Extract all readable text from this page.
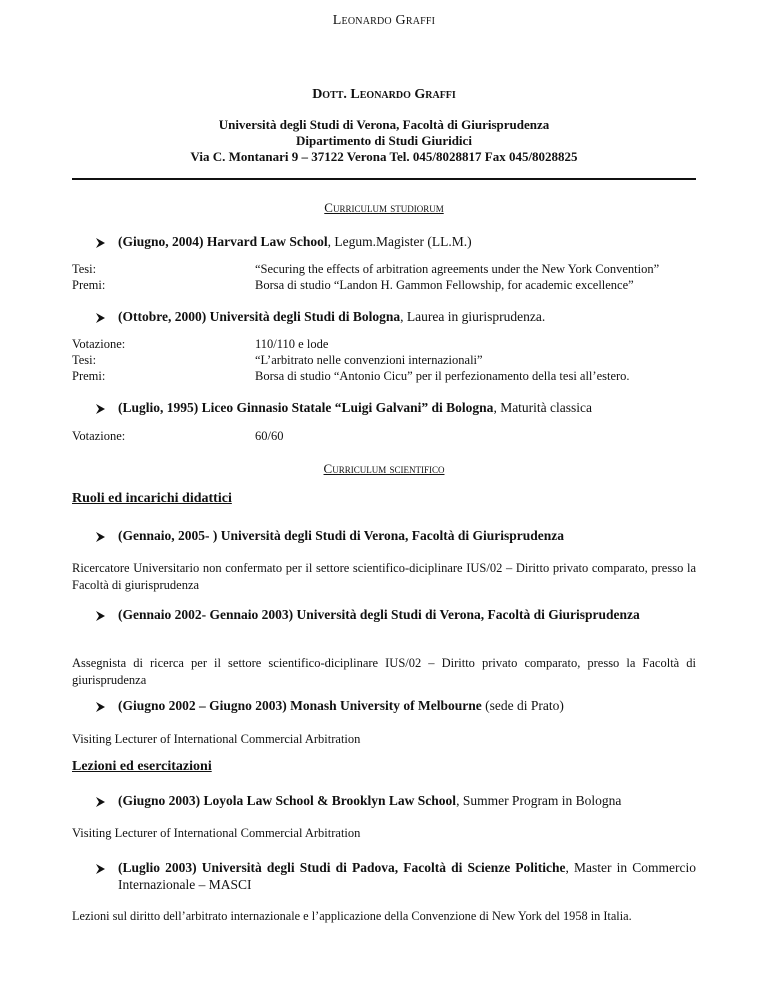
Leonardo Graffi
Dott. Leonardo Graffi
Università degli Studi di Verona, Facoltà di Giurisprudenza
Dipartimento di Studi Giuridici
Via C. Montanari 9 – 37122 Verona Tel. 045/8028817 Fax 045/8028825
Curriculum studiorum
(Giugno, 2004) Harvard Law School, Legum.Magister (LL.M.)
Tesi:	“Securing the effects of arbitration agreements under the New York Convention”
Premi:	Borsa di studio “Landon H. Gammon Fellowship, for academic excellence”
(Ottobre, 2000) Università degli Studi di Bologna, Laurea in giurisprudenza.
Votazione:	110/110 e lode
Tesi:	“L’arbitrato nelle convenzioni internazionali”
Premi:	Borsa di studio “Antonio Cicu” per il perfezionamento della tesi all’estero.
(Luglio, 1995) Liceo Ginnasio Statale “Luigi Galvani” di Bologna, Maturità classica
Votazione:	60/60
Curriculum scientifico
Ruoli ed incarichi didattici
(Gennaio, 2005- ) Università degli Studi di Verona, Facoltà di Giurisprudenza
Ricercatore Universitario non confermato per il settore scientifico-diciplinare IUS/02 – Diritto privato comparato, presso la Facoltà di giurisprudenza
(Gennaio 2002- Gennaio 2003) Università degli Studi di Verona, Facoltà di Giurisprudenza
Assegnista di ricerca per il settore scientifico-diciplinare IUS/02 – Diritto privato comparato, presso la Facoltà di giurisprudenza
(Giugno 2002 – Giugno 2003) Monash University of Melbourne (sede di Prato)
Visiting Lecturer of International Commercial Arbitration
Lezioni ed esercitazioni
(Giugno 2003) Loyola Law School & Brooklyn Law School, Summer Program in Bologna
Visiting Lecturer of International Commercial Arbitration
(Luglio 2003) Università degli Studi di Padova, Facoltà di Scienze Politiche, Master in Commercio Internazionale – MASCI
Lezioni sul diritto dell’arbitrato internazionale e l’applicazione della Convenzione di New York del 1958 in Italia.
